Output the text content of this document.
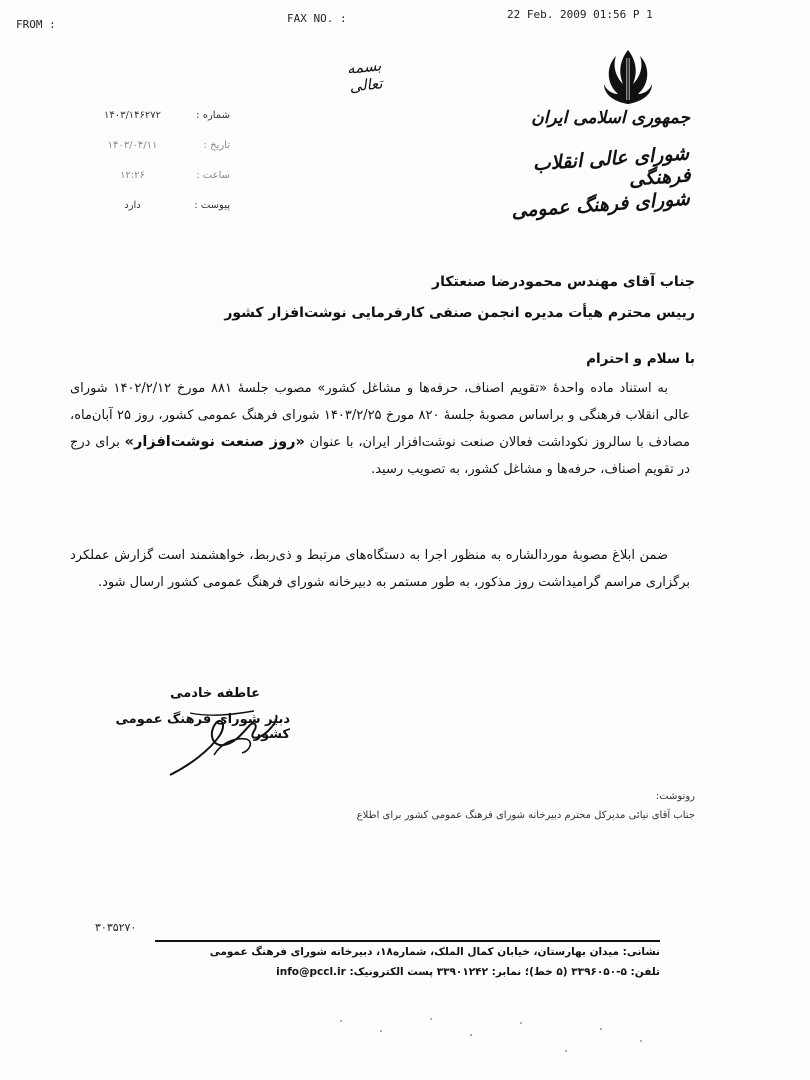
FROM :	FAX NO. :	22 Feb. 2009 01:56 P 1
بسمه تعالی
جمهوری اسلامی ایران
شورای عالی انقلاب فرهنگی
شورای فرهنگ عمومی
شماره :
۱۴۰۳/۱۴۶۲۷۲
تاریخ :
۱۴۰۳/۰۴/۱۱
ساعت :
۱۲:۲۶
پیوست :
دارد
جناب آقای مهندس محمودرضا صنعتکار
رییس محترم هیأت مدیره انجمن صنفی کارفرمایی نوشت‌افزار کشور
با سلام و احترام
به استناد ماده واحدهٔ «تقویم اصناف، حرفه‌ها و مشاغل کشور» مصوب جلسهٔ ۸۸۱ مورخ ۱۴۰۲/۲/۱۲ شورای عالی انقلاب فرهنگی و براساس مصوبهٔ جلسهٔ ۸۲۰ مورخ ۱۴۰۳/۲/۲۵ شورای فرهنگ عمومی کشور، روز ۲۵ آبان‌ماه، مصادف با سالروز نکوداشت فعالان صنعت نوشت‌افزار ایران، با عنوان «روز صنعت نوشت‌افزار» برای درج در تقویم اصناف، حرفه‌ها و مشاغل کشور، به تصویب رسید.
ضمن ابلاغ مصوبهٔ موردالشاره به منظور اجرا به دستگاه‌های مرتبط و ذی‌ربط، خواهشمند است گزارش عملکرد برگزاری مراسم گرامیداشت روز مذکور، به طور مستمر به دبیرخانه شورای فرهنگ عمومی کشور ارسال شود.
عاطفه خادمی
دبیر شورای فرهنگ عمومی کشور
رونوشت:
جناب آقای نیائی مدیرکل محترم دبیرخانه شورای فرهنگ عمومی کشور برای اطلاع
۳۰۳۵۲۷۰
نشانی: میدان بهارستان، خیابان کمال الملک، شماره۱۸، دبیرخانه شورای فرهنگ عمومی
تلفن: ۵-۳۳۹۶۰۵۰ (۵ خط)؛ نمابر: ۳۳۹۰۱۲۴۲ پست الکترونیک: info@pccl.ir
